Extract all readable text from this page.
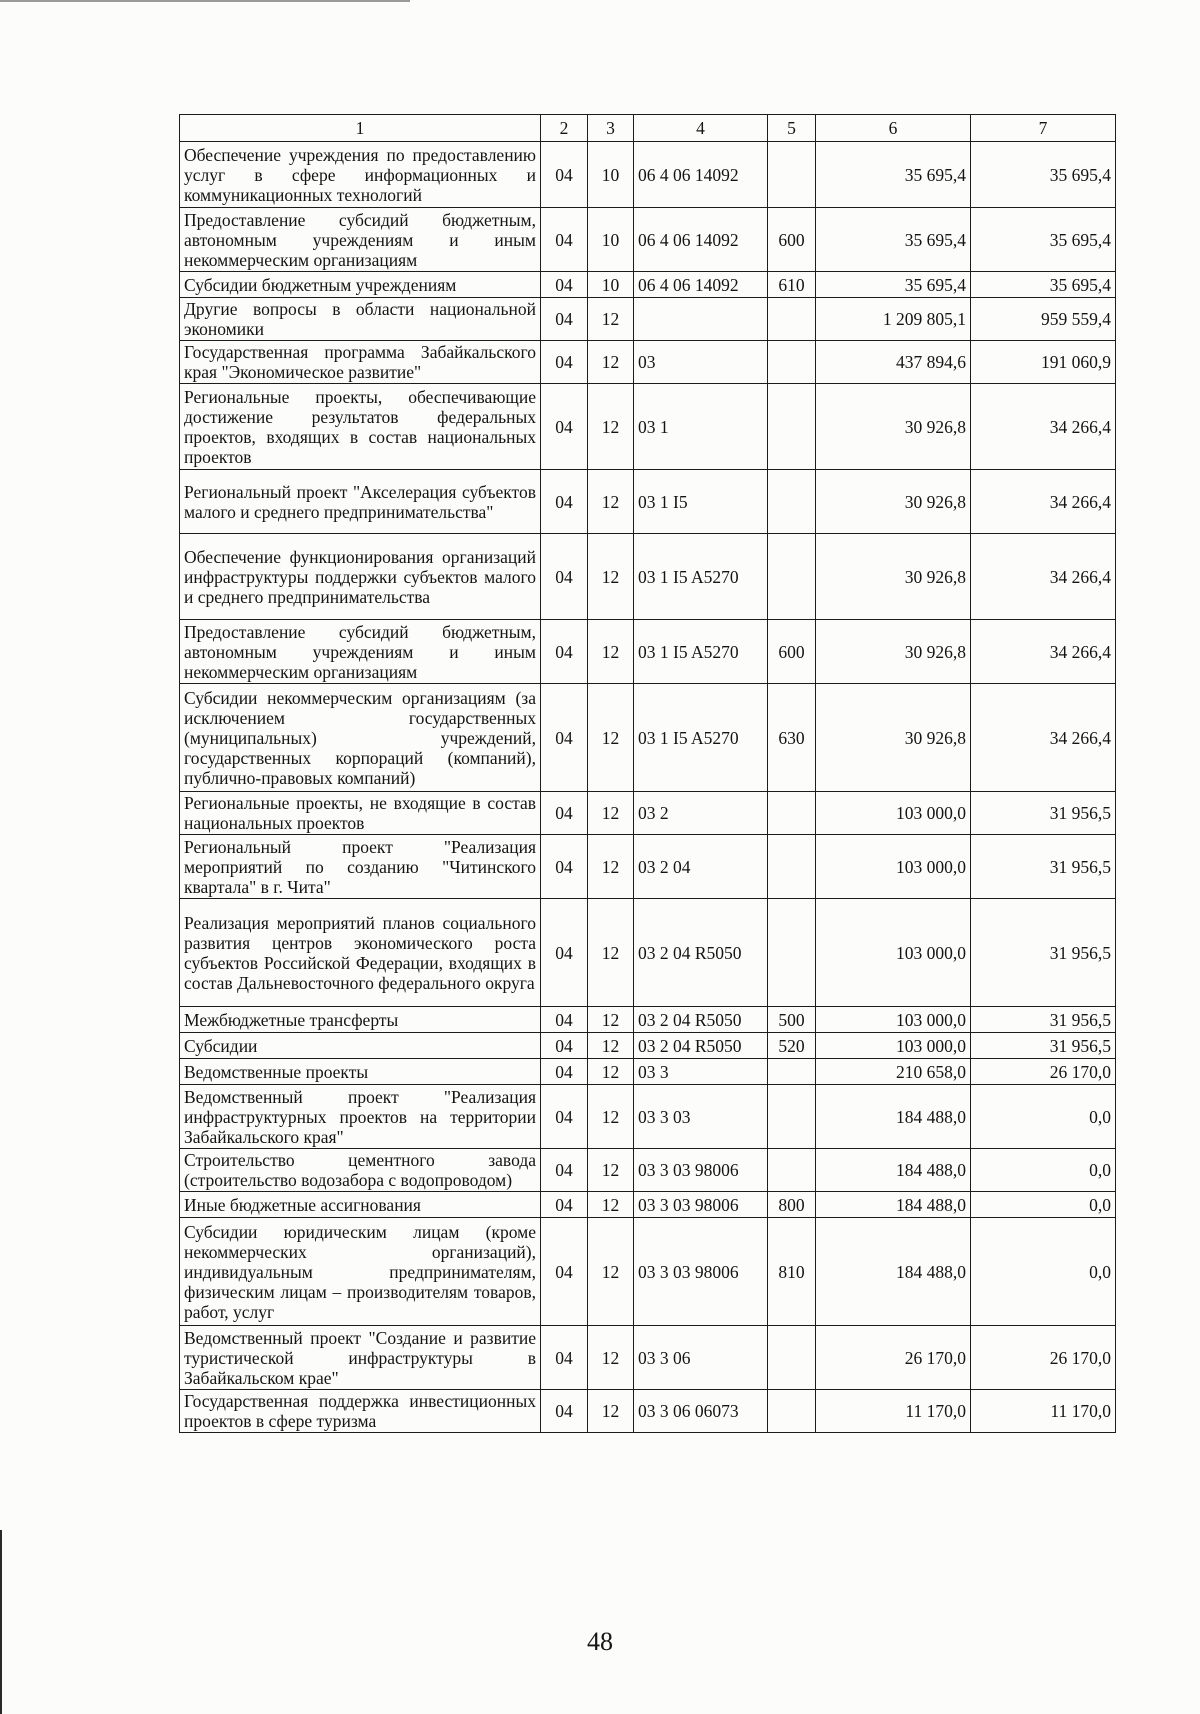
1	2	3	4	5	6	7
Обеспечение учреждения по предоставлению услуг в сфере информационных и коммуникационных технологий	04	10	06 4 06 14092		35 695,4	35 695,4
Предоставление субсидий бюджетным, автономным учреждениям и иным некоммерческим организациям	04	10	06 4 06 14092	600	35 695,4	35 695,4
Субсидии бюджетным учреждениям	04	10	06 4 06 14092	610	35 695,4	35 695,4
Другие вопросы в области национальной экономики	04	12			1 209 805,1	959 559,4
Государственная программа Забайкальского края "Экономическое развитие"	04	12	03		437 894,6	191 060,9
Региональные проекты, обеспечивающие достижение результатов федеральных проектов, входящих в состав национальных проектов	04	12	03 1		30 926,8	34 266,4
Региональный проект "Акселерация субъектов малого и среднего предпринимательства"	04	12	03 1 I5		30 926,8	34 266,4
Обеспечение функционирования организаций инфраструктуры поддержки субъектов малого и среднего предпринимательства	04	12	03 1 I5 A5270		30 926,8	34 266,4
Предоставление субсидий бюджетным, автономным учреждениям и иным некоммерческим организациям	04	12	03 1 I5 A5270	600	30 926,8	34 266,4
Субсидии некоммерческим организациям (за исключением государственных (муниципальных) учреждений, государственных корпораций (компаний), публично-правовых компаний)	04	12	03 1 I5 A5270	630	30 926,8	34 266,4
Региональные проекты, не входящие в состав национальных проектов	04	12	03 2		103 000,0	31 956,5
Региональный проект "Реализация мероприятий по созданию "Читинского квартала" в г. Чита"	04	12	03 2 04		103 000,0	31 956,5
Реализация мероприятий планов социального развития центров экономического роста субъектов Российской Федерации, входящих в состав Дальневосточного федерального округа	04	12	03 2 04 R5050		103 000,0	31 956,5
Межбюджетные трансферты	04	12	03 2 04 R5050	500	103 000,0	31 956,5
Субсидии	04	12	03 2 04 R5050	520	103 000,0	31 956,5
Ведомственные проекты	04	12	03 3		210 658,0	26 170,0
Ведомственный проект "Реализация инфраструктурных проектов на территории Забайкальского края"	04	12	03 3 03		184 488,0	0,0
Строительство цементного завода (строительство водозабора с водопроводом)	04	12	03 3 03 98006		184 488,0	0,0
Иные бюджетные ассигнования	04	12	03 3 03 98006	800	184 488,0	0,0
Субсидии юридическим лицам (кроме некоммерческих организаций), индивидуальным предпринимателям, физическим лицам – производителям товаров, работ, услуг	04	12	03 3 03 98006	810	184 488,0	0,0
Ведомственный проект "Создание и развитие туристической инфраструктуры в Забайкальском крае"	04	12	03 3 06		26 170,0	26 170,0
Государственная поддержка инвестиционных проектов в сфере туризма	04	12	03 3 06 06073		11 170,0	11 170,0
48
